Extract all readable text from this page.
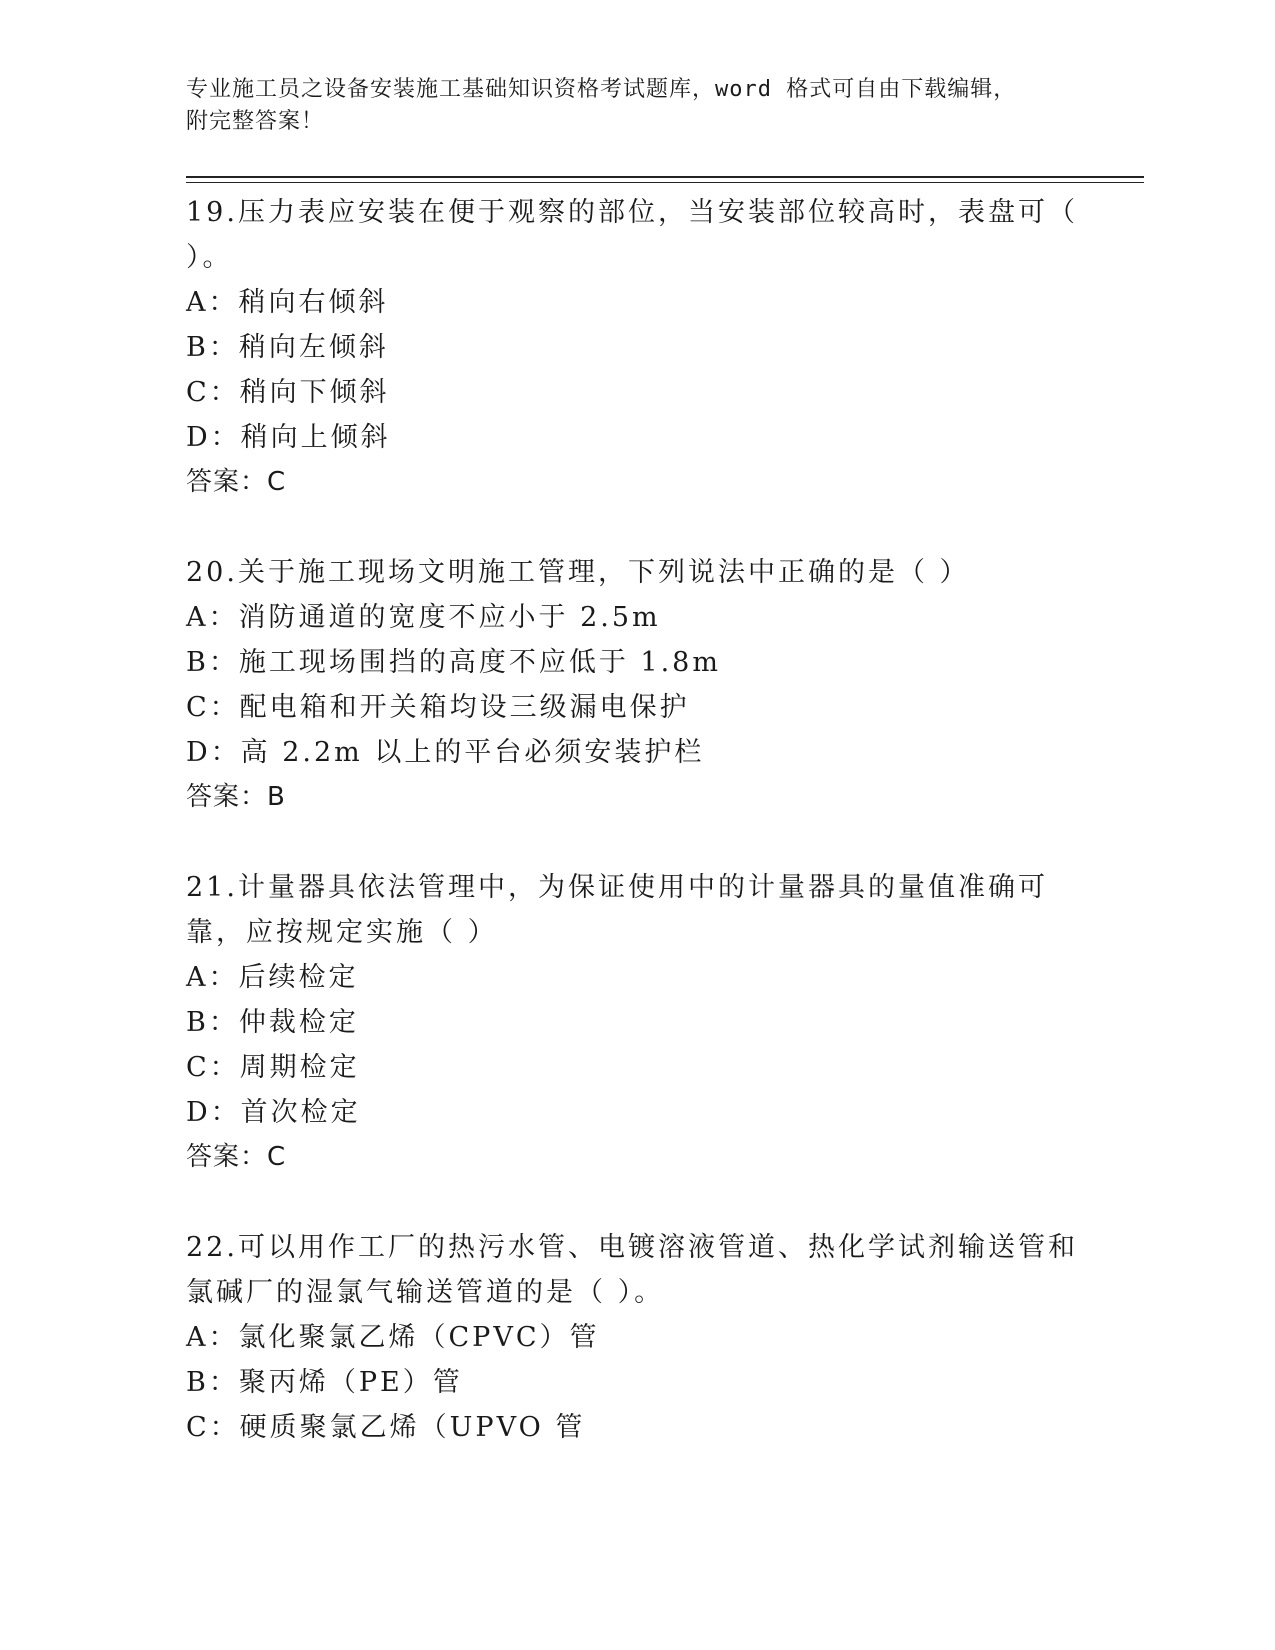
专业施工员之设备安装施工基础知识资格考试题库，word 格式可自由下载编辑，
附完整答案！
19.压力表应安装在便于观察的部位，当安装部位较高时，表盘可（ ）。
A：稍向右倾斜
B：稍向左倾斜
C：稍向下倾斜
D：稍向上倾斜
答案：C
20.关于施工现场文明施工管理，下列说法中正确的是（ ）
A：消防通道的宽度不应小于 2.5m
B：施工现场围挡的高度不应低于 1.8m
C：配电箱和开关箱均设三级漏电保护
D：高 2.2m 以上的平台必须安装护栏
答案：B
21.计量器具依法管理中，为保证使用中的计量器具的量值准确可靠，应按规定实施（ ）
A：后续检定
B：仲裁检定
C：周期检定
D：首次检定
答案：C
22.可以用作工厂的热污水管、电镀溶液管道、热化学试剂输送管和氯碱厂的湿氯气输送管道的是（ ）。
A：氯化聚氯乙烯（CPVC）管
B：聚丙烯（PE）管
C：硬质聚氯乙烯（UPVO 管
